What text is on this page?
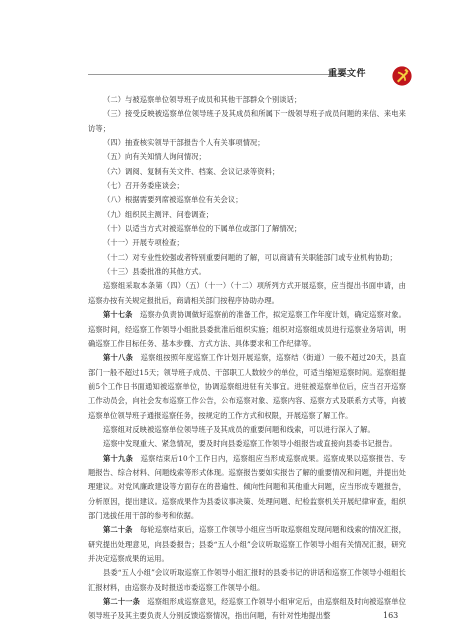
重要文件

（二）与被巡察单位领导班子成员和其他干部群众个别谈话；

（三）接受反映被巡察单位领导班子及其成员和所属下一级领导班子成员问题的来信、来电来访等；

（四）抽查核实领导干部报告个人有关事项情况；

（五）向有关知情人询问情况；

（六）调阅、复制有关文件、档案、会议记录等资料；

（七）召开务委座谈会；

（八）根据需要列席被巡察单位有关会议；

（九）组织民主测评、问卷调查；

（十）以适当方式对被巡察单位的下属单位或部门了解情况；

（十一）开展专项检查；

（十二）对专业性较强或者特别重要问题的了解，可以商请有关职能部门或专业机构协助；

（十三）县委批准的其他方式。

巡察组采取本条第（四）（五）（十一）（十二）项所列方式开展巡察，应当提出书面申请，由巡察办按有关规定报批后，商请相关部门按程序协助办理。

第十七条　 巡察办负责协调做好巡察前的准备工作，拟定巡察工作年度计划，确定巡察对象。巡察时间，经巡察工作领导小组批县委批准后组织实施；组织对巡察组成员进行巡察业务培训，明确巡察工作目标任务、基本步骤、方式方法、具体要求和工作纪律等。

第十八条　 巡察组按照年度巡察工作计划开展巡察，巡察结（街道）一般不超过20天，县直部门一般不超过15天；领导班子成员、干部职工人数较少的单位，可适当缩短巡察时间。巡察组提前5个工作日书面通知被巡察单位，协调巡察组进驻有关事宜。进驻被巡察单位后，应当召开巡察工作动员会，向社会发布巡察工作公告，公布巡察对象、巡察内容、巡察方式及联系方式等，向被巡察单位领导班子通报巡察任务，按规定的工作方式和权限，开展巡察了解工作。

巡察组对反映被巡察单位领导班子及其成员的重要问题和线索，可以进行深入了解。

巡察中发现重大、紧急情况，要及时向县委巡察工作领导小组报告或直接向县委书记报告。

第十九条　 巡察结束后10个工作日内，巡察组应当形成巡察成果。巡察成果以巡察报告、专题报告、综合材料、问题线索等形式体现。巡察报告要如实报告了解的重要情况和问题，并提出处理建议。对党风廉政建设等方面存在的普遍性、倾向性问题和其他重大问题，应当形成专题报告，分析原因，提出建议。巡察成果作为县委议事决策、处理问题、纪检监察机关开展纪律审查，组织部门选拔任用干部的参考和依据。

第二十条　 每轮巡察结束后，巡察工作领导小组应当听取巡察组发现问题和线索的情况汇报，研究提出处理意见，向县委报告；县委“五人小组”会议听取巡察工作领导小组有关情况汇报，研究并决定巡察成果的运用。

县委“五人小组”会议听取巡察工作领导小组汇报时的县委书记的讲话和巡察工作领导小组组长汇报材料，由巡察办及时报送市委巡察工作领导小组。

第二十一条　 巡察组形成巡察意见，经巡察工作领导小组审定后，由巡察组及时向被巡察单位领导班子及其主要负责人分别反馈巡察情况，指出问题，有针对性地提出整	163
